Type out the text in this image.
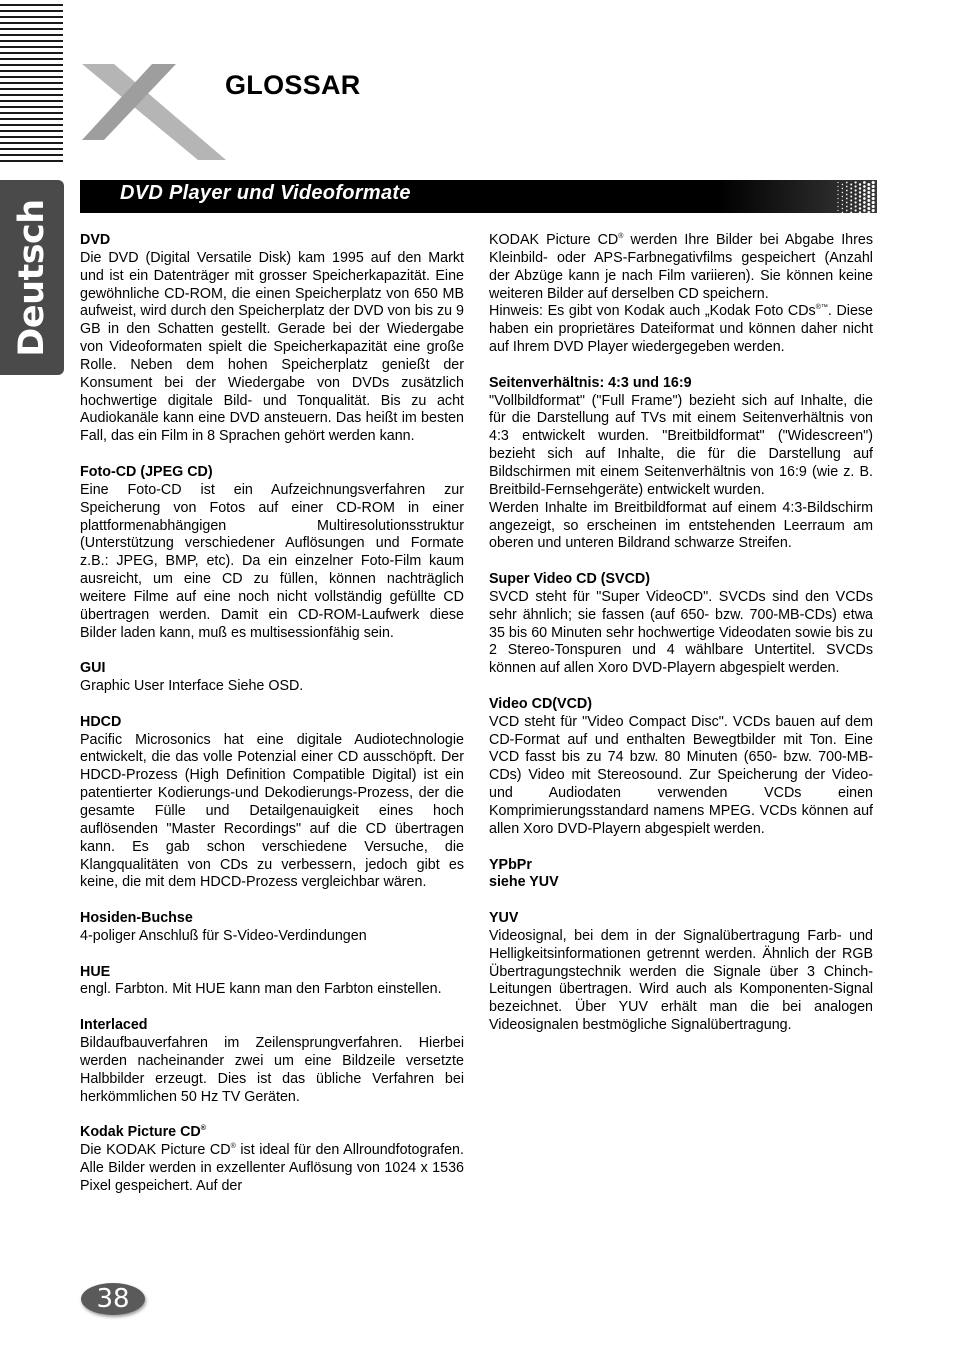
Deutsch
GLOSSAR
DVD Player und Videoformate
DVD

Die DVD (Digital Versatile Disk) kam 1995 auf den Markt und ist ein Datenträger mit grosser Speicherkapazität. Eine gewöhnliche CD-ROM, die einen Speicherplatz von 650 MB aufweist, wird durch den Speicherplatz der DVD von bis zu 9 GB in den Schatten gestellt. Gerade bei der Wiedergabe von Videoformaten spielt die Speicherkapazität eine große Rolle. Neben dem hohen Speicherplatz genießt der Konsument bei der Wiedergabe von DVDs zusätzlich hochwertige digitale Bild- und Tonqualität. Bis zu acht Audiokanäle kann eine DVD ansteuern. Das heißt im besten Fall, das ein Film in 8 Sprachen gehört werden kann.

Foto-CD (JPEG CD)

Eine Foto-CD ist ein Aufzeichnungsverfahren zur Speicherung von Fotos auf einer CD-ROM in einer plattformenabhängigen Multiresolutionsstruktur (Unterstützung verschiedener Auflösungen und Formate z.B.: JPEG, BMP, etc). Da ein einzelner Foto-Film kaum ausreicht, um eine CD zu füllen, können nachträglich weitere Filme auf eine noch nicht vollständig gefüllte CD übertragen werden. Damit ein CD-ROM-Laufwerk diese Bilder laden kann, muß es multisessionfähig sein.

GUI

Graphic User Interface Siehe OSD.

HDCD

Pacific Microsonics hat eine digitale Audiotechnologie entwickelt, die das volle Potenzial einer CD ausschöpft. Der HDCD-Prozess (High Definition Compatible Digital) ist ein patentierter Kodierungs-und Dekodierungs-Prozess, der die gesamte Fülle und Detailgenauigkeit eines hoch auflösenden "Master Recordings" auf die CD übertragen kann. Es gab schon verschiedene Versuche, die Klangqualitäten von CDs zu verbessern, jedoch gibt es keine, die mit dem HDCD-Prozess vergleichbar wären.

Hosiden-Buchse

4-poliger Anschluß für S-Video-Verdindungen

HUE

engl. Farbton. Mit HUE kann man den Farbton einstellen.

Interlaced

Bildaufbauverfahren im Zeilensprungverfahren. Hierbei werden nacheinander zwei um eine Bildzeile versetzte Halbbilder erzeugt. Dies ist das übliche Verfahren bei herkömmlichen 50 Hz TV Geräten.

Kodak Picture CD®

Die KODAK Picture CD® ist ideal für den Allroundfotografen. Alle Bilder werden in exzellenter Auflösung von 1024 x 1536 Pixel gespeichert. Auf der

KODAK Picture CD® werden Ihre Bilder bei Abgabe Ihres Kleinbild- oder APS-Farbnegativfilms gespeichert (Anzahl der Abzüge kann je nach Film variieren). Sie können keine weiteren Bilder auf derselben CD speichern.

Hinweis: Es gibt von Kodak auch „Kodak Foto CDs®™. Diese haben ein proprietäres Dateiformat und können daher nicht auf Ihrem DVD Player wiedergegeben werden.

Seitenverhältnis: 4:3 und 16:9

"Vollbildformat" ("Full Frame") bezieht sich auf Inhalte, die für die Darstellung auf TVs mit einem Seitenverhältnis von 4:3 entwickelt wurden. "Breitbildformat" ("Widescreen") bezieht sich auf Inhalte, die für die Darstellung auf Bildschirmen mit einem Seitenverhältnis von 16:9 (wie z. B. Breitbild-Fernsehgeräte) entwickelt wurden.

Werden Inhalte im Breitbildformat auf einem 4:3-Bildschirm angezeigt, so erscheinen im entstehenden Leerraum am oberen und unteren Bildrand schwarze Streifen.

Super Video CD (SVCD)

SVCD steht für "Super VideoCD". SVCDs sind den VCDs sehr ähnlich; sie fassen (auf 650- bzw. 700-MB-CDs) etwa 35 bis 60 Minuten sehr hochwertige Videodaten sowie bis zu 2 Stereo-Tonspuren und 4 wählbare Untertitel. SVCDs können auf allen Xoro DVD-Playern abgespielt werden.

Video CD(VCD)

VCD steht für "Video Compact Disc". VCDs bauen auf dem CD-Format auf und enthalten Bewegtbilder mit Ton. Eine VCD fasst bis zu 74 bzw. 80 Minuten (650- bzw. 700-MB-CDs) Video mit Stereosound. Zur Speicherung der Video- und Audiodaten verwenden VCDs einen Komprimierungsstandard namens MPEG. VCDs können auf allen Xoro DVD-Playern abgespielt werden.

YPbPr
siehe YUV
YUV

Videosignal, bei dem in der Signalübertragung Farb- und Helligkeitsinformationen getrennt werden. Ähnlich der RGB Übertragungstechnik werden die Signale über 3 Chinch-Leitungen übertragen. Wird auch als Komponenten-Signal bezeichnet. Über YUV erhält man die bei analogen Videosignalen bestmögliche Signalübertragung.

38
